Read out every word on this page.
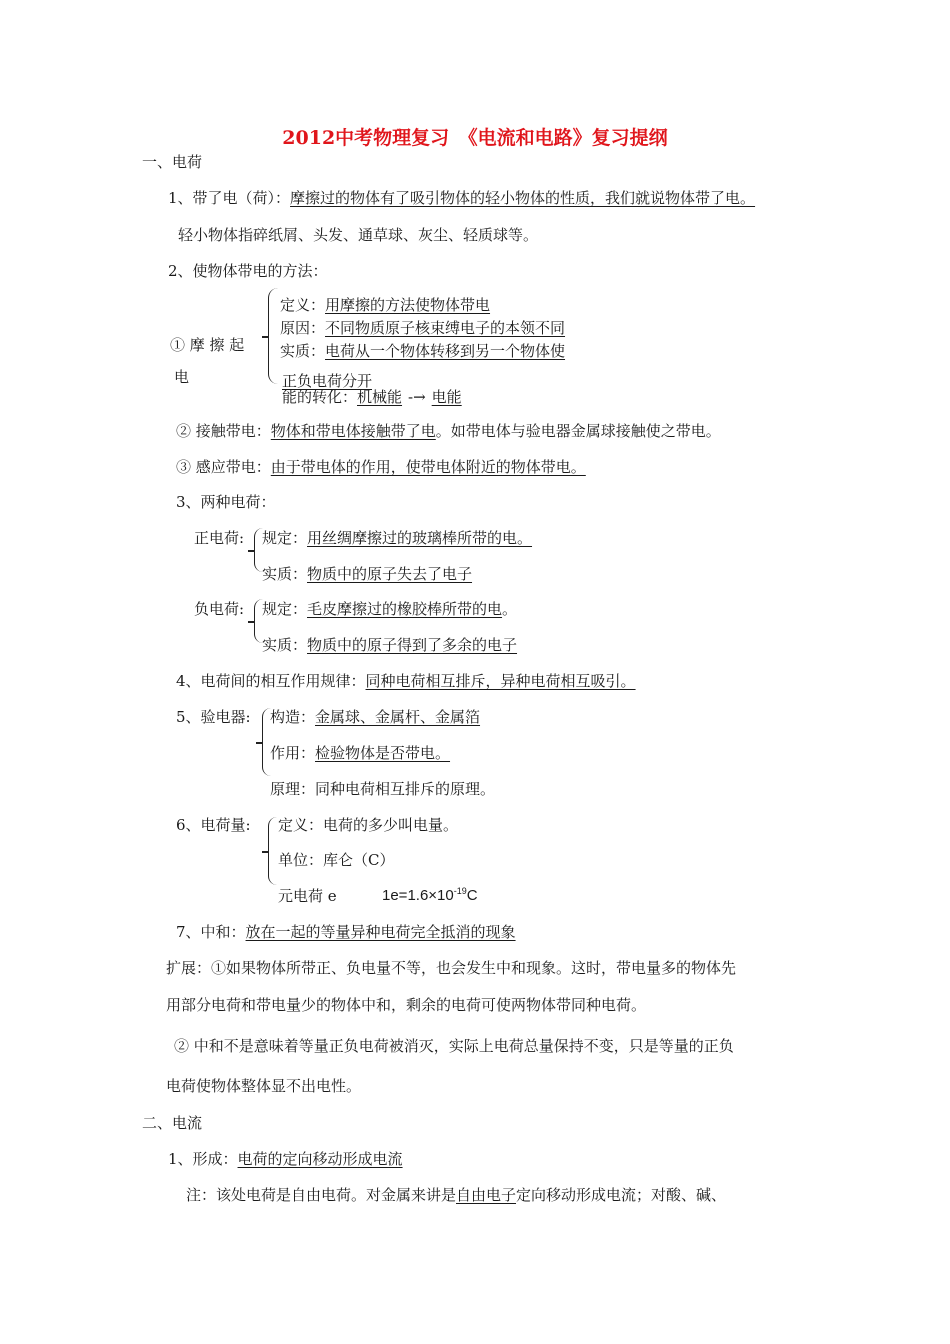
2012中考物理复习　《电流和电路》复习提纲
一、电荷
1、带了电（荷）：摩擦过的物体有了吸引物体的轻小物体的性质，我们就说物体带了电。
轻小物体指碎纸屑、头发、通草球、灰尘、轻质球等。
2、使物体带电的方法：
① 摩 擦 起
电
定义：用摩擦的方法使物体带电
原因：不同物质原子核束缚电子的本领不同
实质：电荷从一个物体转移到另一个物体使
正负电荷分开
能的转化：机械能 -→ 电能
② 接触带电：物体和带电体接触带了电。如带电体与验电器金属球接触使之带电。
③ 感应带电：由于带电体的作用，使带电体附近的物体带电。
3、两种电荷：
正电荷: 规定：用丝绸摩擦过的玻璃棒所带的电。
实质：物质中的原子失去了电子
负电荷: 规定：毛皮摩擦过的橡胶棒所带的电。
实质：物质中的原子得到了多余的电子
4、电荷间的相互作用规律：同种电荷相互排斥，异种电荷相互吸引。
5、验电器: 构造：金属球、金属杆、金属箔
作用：检验物体是否带电。
原理：同种电荷相互排斥的原理。
6、电荷量: 定义：电荷的多少叫电量。
单位：库仑（C）
元电荷 e	$1e=1.6\times 10^{-19}C$
7、中和：放在一起的等量异种电荷完全抵消的现象
扩展：①如果物体所带正、负电量不等，也会发生中和现象。这时，带电量多的物体先
用部分电荷和带电量少的物体中和，剩余的电荷可使两物体带同种电荷。
② 中和不是意味着等量正负电荷被消灭，实际上电荷总量保持不变，只是等量的正负
电荷使物体整体显不出电性。
二、电流
1、形成：电荷的定向移动形成电流
注：该处电荷是自由电荷。对金属来讲是自由电子定向移动形成电流；对酸、碱、
